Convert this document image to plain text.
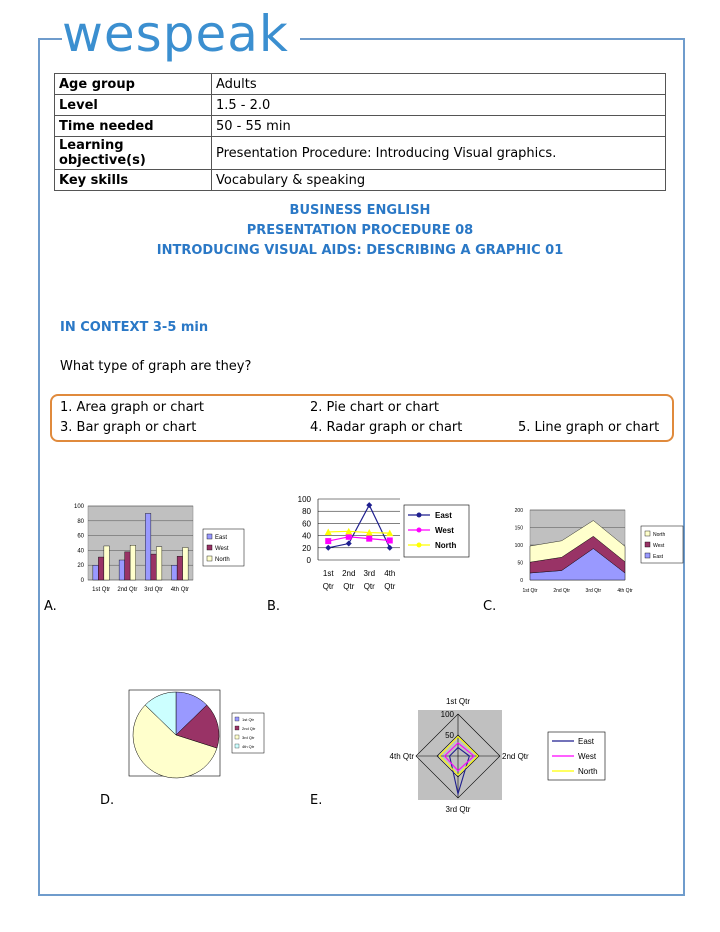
wespeak
Age group	Adults
Level	1.5 - 2.0
Time needed	50 - 55 min
Learning objective(s)	Presentation Procedure: Introducing Visual graphics.
Key skills	Vocabulary & speaking
BUSINESS ENGLISH
PRESENTATION PROCEDURE 08
INTRODUCING VISUAL AIDS: DESCRIBING A GRAPHIC 01
IN CONTEXT 3-5 min
What type of graph are they?
1. Area graph or chart	2. Pie chart or chart
3. Bar graph or chart	4. Radar graph or chart	5. Line graph or chart
A.	B.	C.
D.	E.
0
20
40
60
80
100
1st Qtr 2nd Qtr 3rd Qtr 4th Qtr
East
West
North	0
20
40
60
80
100
1st
Qtr
2nd
Qtr
3rd
Qtr
4th
Qtr
East
West
North
0
50
100
150
200
1st Qtr	2nd Qtr	3rd Qtr	4th Qtr
North
West
East
1st Qtr
2nd Qtr
3rd Qtr
4th Qtr
50
100
1st Qtr
2nd Qtr
3rd Qtr
4th Qtr
East
West
North
